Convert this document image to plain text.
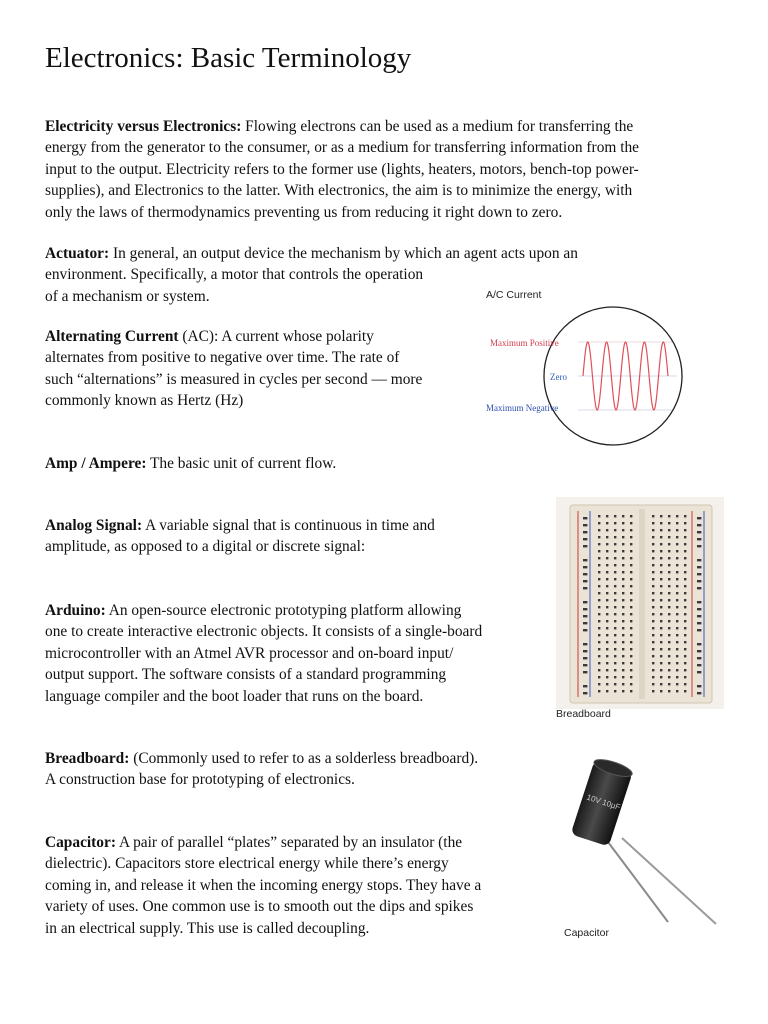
Electronics: Basic Terminology
Electricity versus Electronics: Flowing electrons can be used as a medium for transferring the
energy from the generator to the consumer, or as a medium for transferring information from the
input to the output. Electricity refers to the former use (lights, heaters, motors, bench-top power-
supplies), and Electronics to the latter. With electronics, the aim is to minimize the energy, with
only the laws of thermodynamics preventing us from reducing it right down to zero.
Actuator: In general, an output device the mechanism by which an agent acts upon an
environment. Specifically, a motor that controls the operation
of a mechanism or system.
Alternating Current (AC): A current whose polarity
alternates from positive to negative over time. The rate of
such “alternations” is measured in cycles per second — more
commonly known as Hertz (Hz)
Amp / Ampere: The basic unit of current flow.
Analog Signal: A variable signal that is continuous in time and
amplitude, as opposed to a digital or discrete signal:
Arduino: An open-source electronic prototyping platform allowing
one to create interactive electronic objects. It consists of a single-board
microcontroller with an Atmel AVR processor and on-board input/
output support. The software consists of a standard programming
language compiler and the boot loader that runs on the board.
Breadboard: (Commonly used to refer to as a solderless breadboard).
A construction base for prototyping of electronics.
Capacitor: A pair of parallel “plates” separated by an insulator (the
dielectric). Capacitors store electrical energy while there’s energy
coming in, and release it when the incoming energy stops. They have a
variety of uses. One common use is to smooth out the dips and spikes
in an electrical supply. This use is called decoupling.
A/C Current
Maximum Positive
Zero
Maximum Negative
Breadboard
10V 10µF
Capacitor
